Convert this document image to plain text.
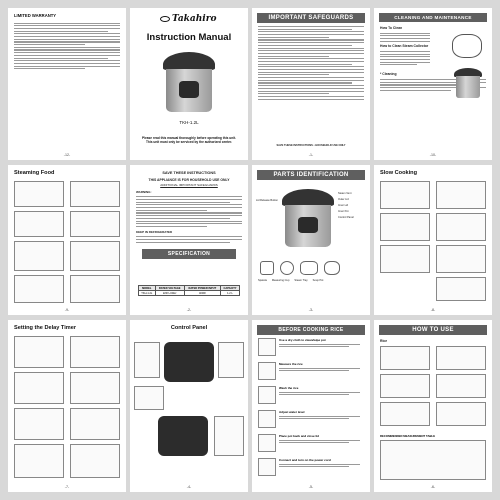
LIMITED WARRANTY
-12-
Takahiro
Instruction Manual
TKH-1.2L
Please read this manual thoroughly before operating this unit.
This unit must only be serviced by the authorized center.
IMPORTANT SAFEGUARDS
SAVE THESE INSTRUCTIONS • HOUSEHOLD USE ONLY
-1-
CLEANING AND MAINTENANCE
How To Clean
How to Clean Steam Collector
* Cleaning
-10-
Steaming Food
-9-
SAVE THESE INSTRUCTIONS
THIS APPLIANCE IS FOR HOUSEHOLD USE ONLY
ADDITIONAL IMPORTANT SAFEGUARDS
WARNING:
KEEP IN REFRIGERATED
SPECIFICATION
MODEL	RATED VOLTAGE	RATED POWER INPUT	CAPACITY
TKH-1.2L	220V~60Hz	400W	1.2 L
-2-
PARTS IDENTIFICATION
Steam Vent
Outer Lid
Inner Lid
Inner Pot
Control Panel
Lid Release Button
Spatula Measuring Cup Steam Tray Soup Pot
-3-
Slow Cooking
-8-
Setting the Delay Timer
-7-
Control Panel
-4-
BEFORE COOKING RICE
Use a dry cloth to clean/wipe pot
Measure the rice
Wash the rice
Adjust water level
Place pot back and close lid
Connect and turn on the power cord
-5-
HOW TO USE
Rice
RECOMMENDED MEASUREMENT TABLE
-6-
